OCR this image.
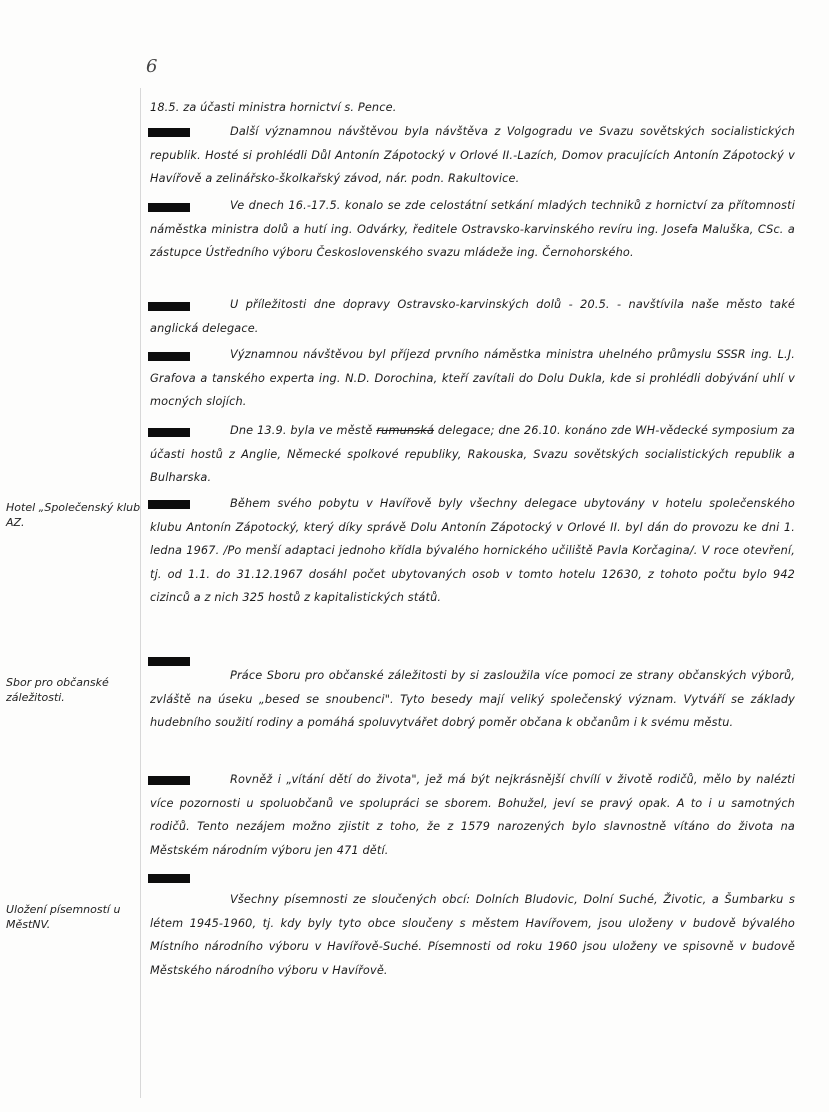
6
Hotel „Společenský klub AZ.
Sbor pro občanské záležitosti.
Uložení písemností u MěstNV.
18.5. za účasti ministra hornictví s. Pence.
Další významnou návštěvou byla návštěva z Volgogradu ve Svazu sovětských socialistických republik. Hosté si prohlédli Důl Antonín Zápotocký v Orlové II.-Lazích, Domov pracujících Antonín Zápotocký v Havířově a zelinářsko-školkařský závod, nár. podn. Rakultovice.
Ve dnech 16.-17.5. konalo se zde celostátní setkání mladých techniků z hornictví za přítomnosti náměstka ministra dolů a hutí ing. Odvárky, ředitele Ostravsko-karvinského revíru ing. Josefa Maluška, CSc. a zástupce Ústředního výboru Československého svazu mládeže ing. Černohorského.
U příležitosti dne dopravy Ostravsko-karvinských dolů - 20.5. - navštívila naše město také anglická delegace.
Významnou návštěvou byl příjezd prvního náměstka ministra uhelného průmyslu SSSR ing. L.J. Grafova a tanského experta ing. N.D. Dorochina, kteří zavítali do Dolu Dukla, kde si prohlédli dobývání uhlí v mocných slojích.
Dne 13.9. byla ve městě rumunská delegace; dne 26.10. konáno zde WH-vědecké symposium za účasti hostů z Anglie, Německé spolkové republiky, Rakouska, Svazu sovětských socialistických republik a Bulharska.
Během svého pobytu v Havířově byly všechny delegace ubytovány v hotelu společenského klubu Antonín Zápotocký, který díky správě Dolu Antonín Zápotocký v Orlové II. byl dán do provozu ke dni 1. ledna 1967. /Po menší adaptaci jednoho křídla bývalého hornického učiliště Pavla Korčagina/. V roce otevření, tj. od 1.1. do 31.12.1967 dosáhl počet ubytovaných osob v tomto hotelu 12630, z tohoto počtu bylo 942 cizinců a z nich 325 hostů z kapitalistických států.
Práce Sboru pro občanské záležitosti by si zasloužila více pomoci ze strany občanských výborů, zvláště na úseku „besed se snoubenci". Tyto besedy mají veliký společenský význam. Vytváří se základy hudebního soužití rodiny a pomáhá spoluvytvářet dobrý poměr občana k občanům i k svému městu.
Rovněž i „vítání dětí do života", jež má být nejkrásnější chvílí v životě rodičů, mělo by nalézti více pozornosti u spoluobčanů ve spolupráci se sborem. Bohužel, jeví se pravý opak. A to i u samotných rodičů. Tento nezájem možno zjistit z toho, že z 1579 narozených bylo slavnostně vítáno do života na Městském národním výboru jen 471 dětí.
Všechny písemnosti ze sloučených obcí: Dolních Bludovic, Dolní Suché, Životic, a Šumbarku s létem 1945-1960, tj. kdy byly tyto obce sloučeny s městem Havířovem, jsou uloženy v budově bývalého Místního národního výboru v Havířově-Suché. Písemnosti od roku 1960 jsou uloženy ve spisovně v budově Městského národního výboru v Havířově.
